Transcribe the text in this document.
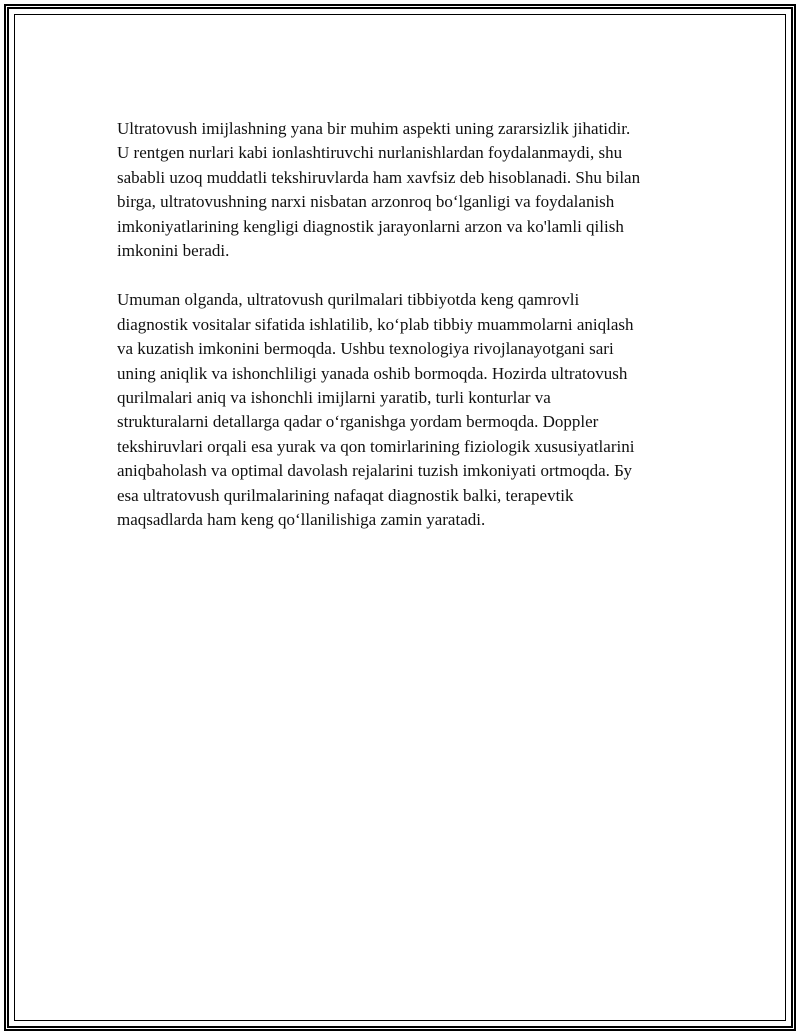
Ultratovush imijlashning yana bir muhim aspekti uning zararsizlik jihatidir.
U rentgen nurlari kabi ionlashtiruvchi nurlanishlardan foydalanmaydi, shu
sababli uzoq muddatli tekshiruvlarda ham xavfsiz deb hisoblanadi. Shu bilan
birga, ultratovushning narxi nisbatan arzonroq bo‘lganligi va foydalanish
imkoniyatlarining kengligi diagnostik jarayonlarni arzon va ko'lamli qilish
imkonini beradi.

Umuman olganda, ultratovush qurilmalari tibbiyotda keng qamrovli
diagnostik vositalar sifatida ishlatilib, ko‘plab tibbiy muammolarni aniqlash
va kuzatish imkonini bermoqda. Ushbu texnologiya rivojlanayotgani sari
uning aniqlik va ishonchliligi yanada oshib bormoqda. Hozirda ultratovush
qurilmalari aniq va ishonchli imijlarni yaratib, turli konturlar va
strukturalarni detallarga qadar o‘rganishga yordam bermoqda. Doppler
tekshiruvlari orqali esa yurak va qon tomirlarining fiziologik xususiyatlarini
aniqbaholash va optimal davolash rejalarini tuzish imkoniyati ortmoqda. Бу
esa ultratovush qurilmalarining nafaqat diagnostik balki, terapevtik
maqsadlarda ham keng qo‘llanilishiga zamin yaratadi.
